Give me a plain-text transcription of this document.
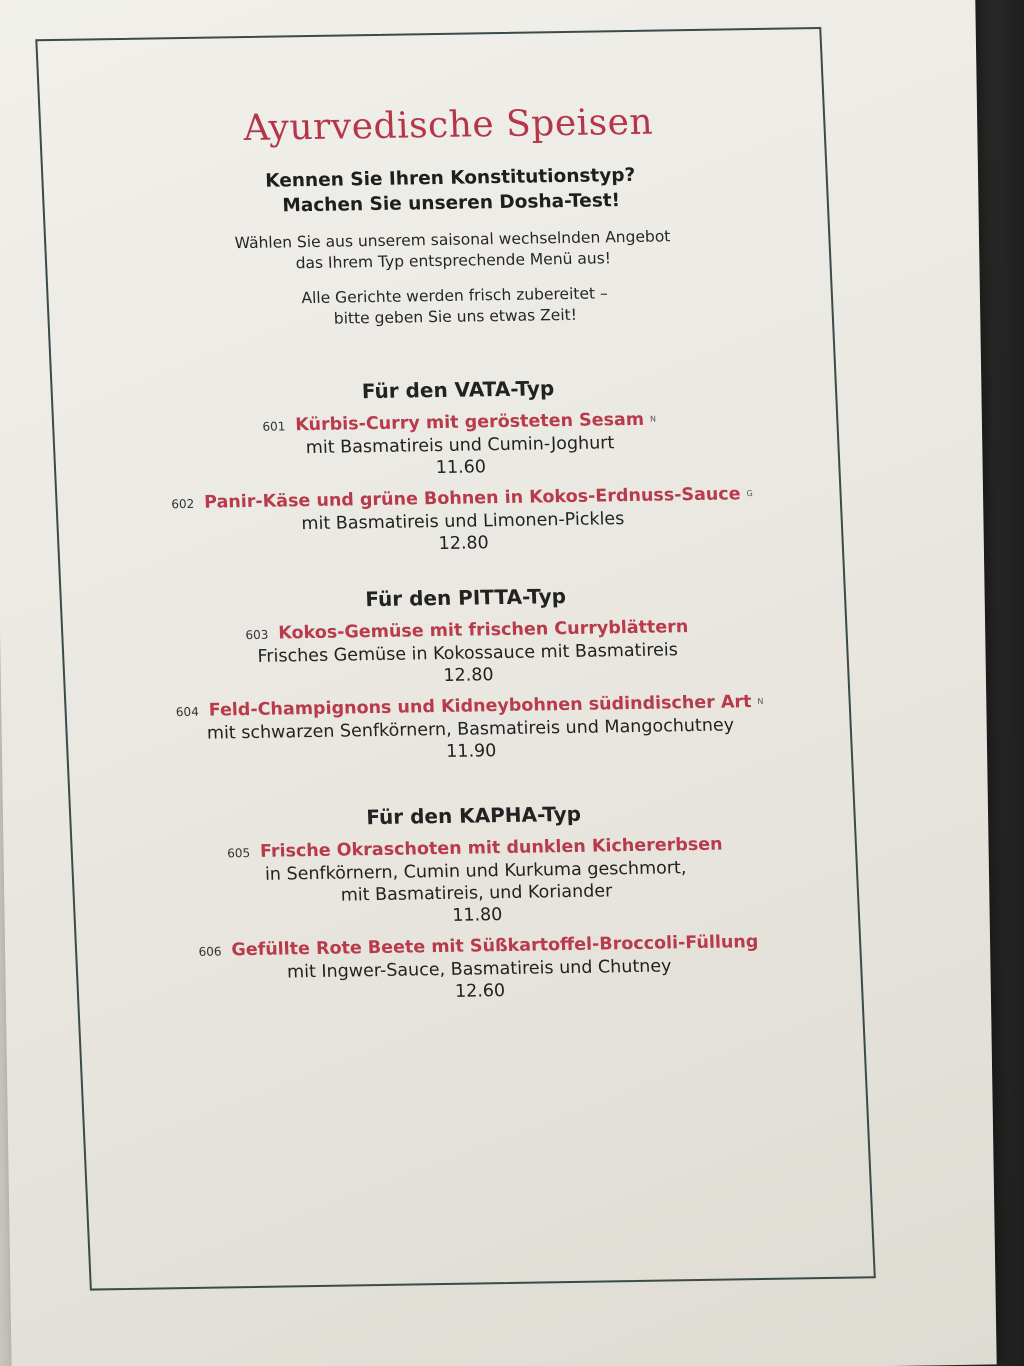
Ayurvedische Speisen

Kennen Sie Ihren Konstitutionstyp?

Machen Sie unseren Dosha-Test!

Wählen Sie aus unserem saisonal wechselnden Angebot
das Ihrem Typ entsprechende Menü aus!
Alle Gerichte werden frisch zubereitet –
bitte geben Sie uns etwas Zeit!
Für den VATA-Typ
601 Kürbis-Curry mit gerösteten Sesam N
mit Basmatireis und Cumin-Joghurt
11.60
602 Panir-Käse und grüne Bohnen in Kokos-Erdnuss-Sauce G
mit Basmatireis und Limonen-Pickles
12.80
Für den PITTA-Typ
603 Kokos-Gemüse mit frischen Curryblättern
Frisches Gemüse in Kokossauce mit Basmatireis
12.80
604 Feld-Champignons und Kidneybohnen südindischer Art N
mit schwarzen Senfkörnern, Basmatireis und Mangochutney
11.90
Für den KAPHA-Typ
605 Frische Okraschoten mit dunklen Kichererbsen
in Senfkörnern, Cumin und Kurkuma geschmort,
mit Basmatireis, und Koriander
11.80
606 Gefüllte Rote Beete mit Süßkartoffel-Broccoli-Füllung
mit Ingwer-Sauce, Basmatireis und Chutney
12.60
